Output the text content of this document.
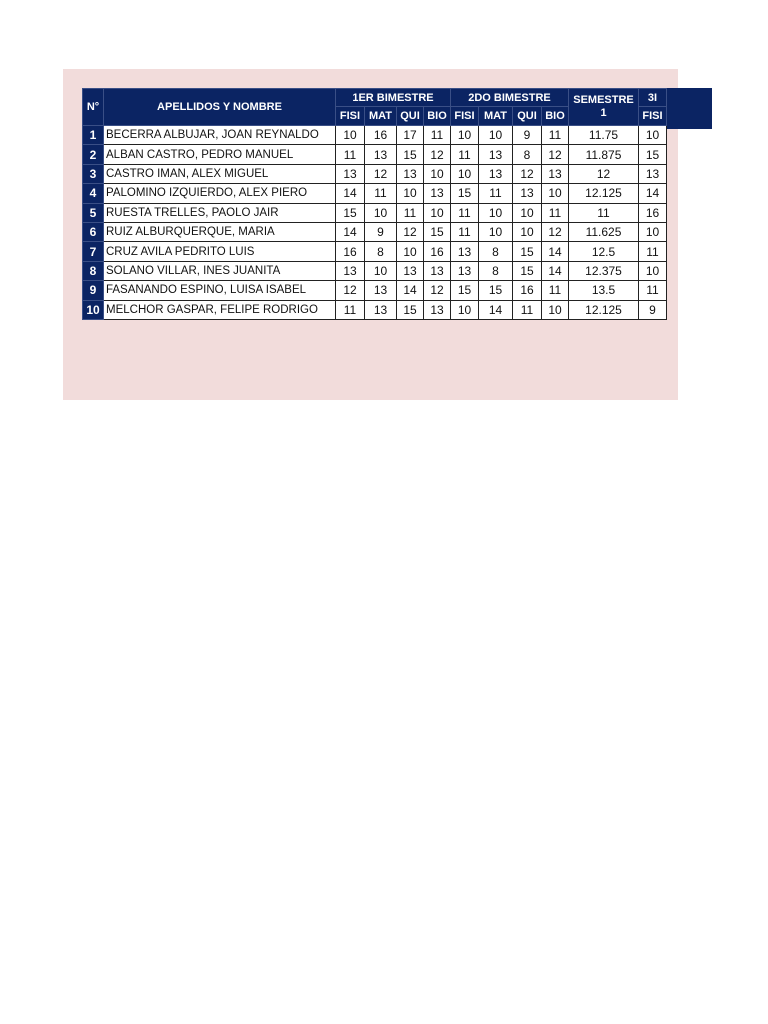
N°	APELLIDOS Y NOMBRE	1ER BIMESTRE				2DO BIMESTRE				SEMESTRE 1	3I
		FISI	MAT	QUI	BIO	FISI	MAT	QUI	BIO		FISI
1	BECERRA ALBUJAR, JOAN REYNALDO	10	16	17	11	10	10	9	11	11.75	10
2	ALBAN CASTRO, PEDRO MANUEL	11	13	15	12	11	13	8	12	11.875	15
3	CASTRO IMAN, ALEX MIGUEL	13	12	13	10	10	13	12	13	12	13
4	PALOMINO IZQUIERDO, ALEX PIERO	14	11	10	13	15	11	13	10	12.125	14
5	RUESTA TRELLES, PAOLO JAIR	15	10	11	10	11	10	10	11	11	16
6	RUIZ ALBURQUERQUE, MARIA	14	9	12	15	11	10	10	12	11.625	10
7	CRUZ AVILA PEDRITO LUIS	16	8	10	16	13	8	15	14	12.5	11
8	SOLANO VILLAR, INES JUANITA	13	10	13	13	13	8	15	14	12.375	10
9	FASANANDO ESPINO, LUISA ISABEL	12	13	14	12	15	15	16	11	13.5	11
10	MELCHOR GASPAR, FELIPE RODRIGO	11	13	15	13	10	14	11	10	12.125	9
